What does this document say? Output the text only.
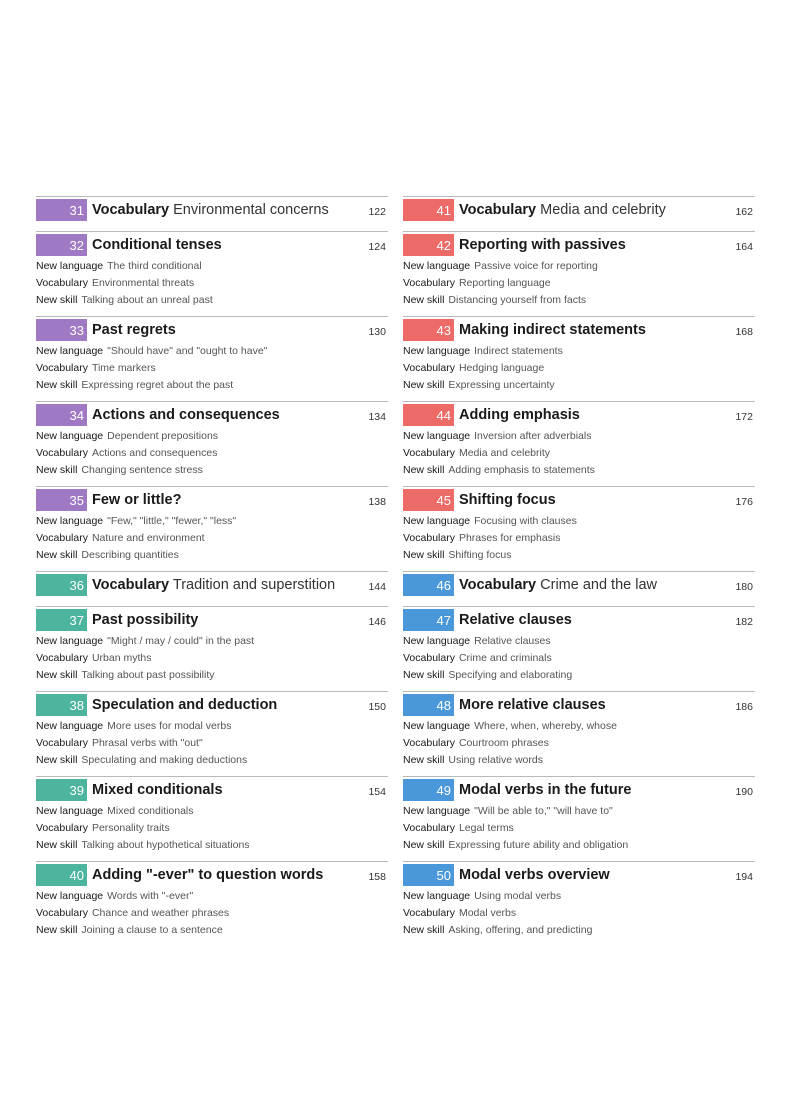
31 Vocabulary Environmental concerns	122
32 Conditional tenses	124
New language The third conditional
Vocabulary Environmental threats
New skill Talking about an unreal past
33 Past regrets	130
New language "Should have" and "ought to have"
Vocabulary Time markers
New skill Expressing regret about the past
34 Actions and consequences	134
New language Dependent prepositions
Vocabulary Actions and consequences
New skill Changing sentence stress
35 Few or little?	138
New language "Few," "little," "fewer," "less"
Vocabulary Nature and environment
New skill Describing quantities
36 Vocabulary Tradition and superstition	144
37 Past possibility	146
New language "Might / may / could" in the past
Vocabulary Urban myths
New skill Talking about past possibility
38 Speculation and deduction	150
New language More uses for modal verbs
Vocabulary Phrasal verbs with "out"
New skill Speculating and making deductions
39 Mixed conditionals	154
New language Mixed conditionals
Vocabulary Personality traits
New skill Talking about hypothetical situations
40 Adding "-ever" to question words	158
New language Words with "-ever"
Vocabulary Chance and weather phrases
New skill Joining a clause to a sentence
41 Vocabulary Media and celebrity	162
42 Reporting with passives	164
New language Passive voice for reporting
Vocabulary Reporting language
New skill Distancing yourself from facts
43 Making indirect statements	168
New language Indirect statements
Vocabulary Hedging language
New skill Expressing uncertainty
44 Adding emphasis	172
New language Inversion after adverbials
Vocabulary Media and celebrity
New skill Adding emphasis to statements
45 Shifting focus	176
New language Focusing with clauses
Vocabulary Phrases for emphasis
New skill Shifting focus
46 Vocabulary Crime and the law	180
47 Relative clauses	182
New language Relative clauses
Vocabulary Crime and criminals
New skill Specifying and elaborating
48 More relative clauses	186
New language Where, when, whereby, whose
Vocabulary Courtroom phrases
New skill Using relative words
49 Modal verbs in the future	190
New language "Will be able to," "will have to"
Vocabulary Legal terms
New skill Expressing future ability and obligation
50 Modal verbs overview	194
New language Using modal verbs
Vocabulary Modal verbs
New skill Asking, offering, and predicting
